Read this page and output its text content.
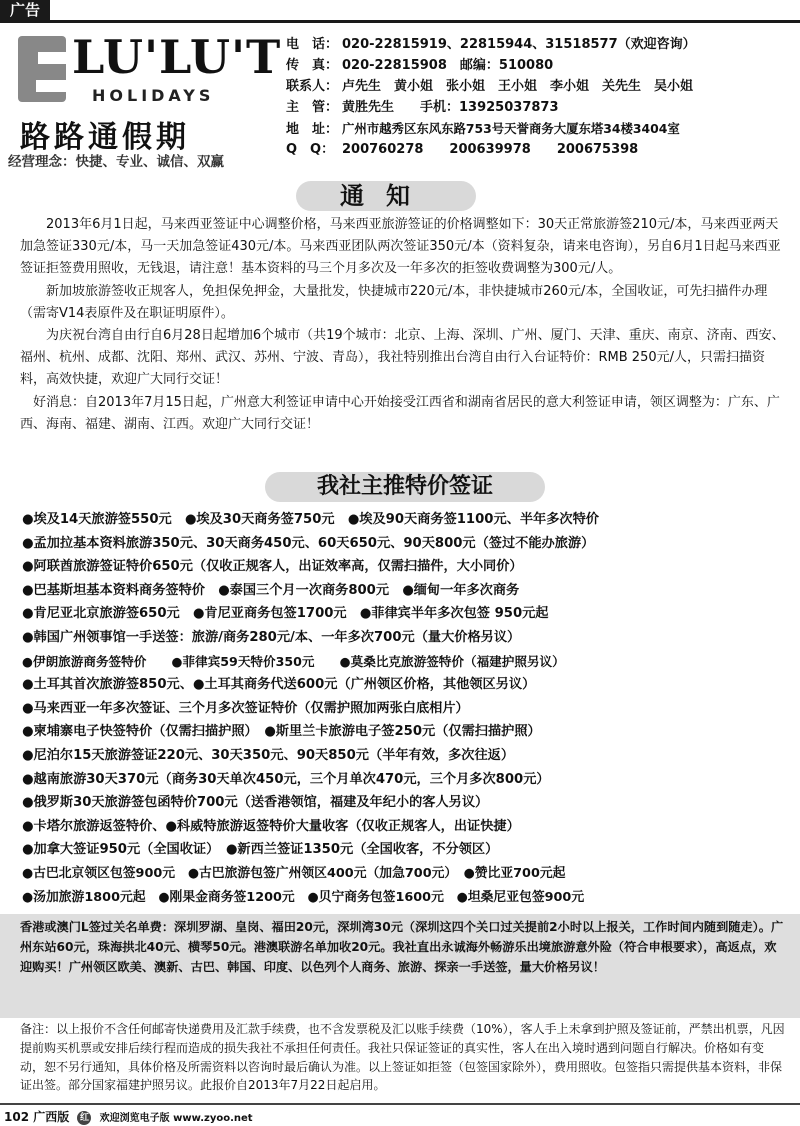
广告
LU'LU'T
HOLIDAYS
路路通假期
经营理念：快捷、专业、诚信、双赢
电　话： 020-22815919、22815944、31518577（欢迎咨询）
传　真： 020-22815908　邮编：510080
联系人： 卢先生　黄小姐　张小姐　王小姐　李小姐　关先生　吴小姐
主　管： 黄胜先生　　手机：13925037873
地　址： 广州市越秀区东风东路753号天誉商务大厦东塔34楼3404室
Q　Q： 200760278　　200639978　　200675398
通知

　　2013年6月1日起，马来西亚签证中心调整价格，马来西亚旅游签证的价格调整如下：30天正常旅游签210元/本，马来西亚两天加急签证330元/本，马一天加急签证430元/本。马来西亚团队两次签证350元/本（资料复杂，请来电咨询），另自6月1日起马来西亚签证拒签费用照收，无钱退，请注意！基本资料的马三个月多次及一年多次的拒签收费调整为300元/人。

　　新加坡旅游签收正规客人，免担保免押金，大量批发，快捷城市220元/本，非快捷城市260元/本，全国收证，可先扫描件办理（需寄V14表原件及在职证明原件）。

　　为庆祝台湾自由行自6月28日起增加6个城市（共19个城市：北京、上海、深圳、广州、厦门、天津、重庆、南京、济南、西安、福州、杭州、成都、沈阳、郑州、武汉、苏州、宁波、青岛），我社特别推出台湾自由行入台证特价：RMB 250元/人，只需扫描资料，高效快捷，欢迎广大同行交证！

　好消息：自2013年7月15日起，广州意大利签证申请中心开始接受江西省和湖南省居民的意大利签证申请，领区调整为：广东、广西、海南、福建、湖南、江西。欢迎广大同行交证！

我社主推特价签证
●埃及14天旅游签550元　●埃及30天商务签750元　●埃及90天商务签1100元、半年多次特价
●孟加拉基本资料旅游350元、30天商务450元、60天650元、90天800元（签过不能办旅游）
●阿联酋旅游签证特价650元（仅收正规客人，出证效率高，仅需扫描件，大小同价）
●巴基斯坦基本资料商务签特价　●泰国三个月一次商务800元　●缅甸一年多次商务
●肯尼亚北京旅游签650元　●肯尼亚商务包签1700元　●菲律宾半年多次包签 950元起
●韩国广州领事馆一手送签：旅游/商务280元/本、一年多次700元（量大价格另议）
●伊朗旅游商务签特价　　●菲律宾59天特价350元　　●莫桑比克旅游签特价（福建护照另议）
●土耳其首次旅游签850元、●土耳其商务代送600元（广州领区价格，其他领区另议）
●马来西亚一年多次签证、三个月多次签证特价（仅需护照加两张白底相片）
●柬埔寨电子快签特价（仅需扫描护照）　●斯里兰卡旅游电子签250元（仅需扫描护照）
●尼泊尔15天旅游签证220元、30天350元、90天850元（半年有效，多次往返）
●越南旅游30天370元（商务30天单次450元，三个月单次470元，三个月多次800元）
●俄罗斯30天旅游签包函特价700元（送香港领馆，福建及年纪小的客人另议）
●卡塔尔旅游返签特价、●科威特旅游返签特价大量收客（仅收正规客人，出证快捷）
●加拿大签证950元（全国收证）　●新西兰签证1350元（全国收客，不分领区）
●古巴北京领区包签900元　●古巴旅游包签广州领区400元（加急700元）　●赞比亚700元起
●汤加旅游1800元起　●刚果金商务签1200元　●贝宁商务包签1600元　●坦桑尼亚包签900元
香港或澳门L签过关名单费：深圳罗湖、皇岗、福田20元，深圳湾30元（深圳这四个关口过关提前2小时以上报关，工作时间内随到随走）。广州东站60元，珠海拱北40元、横琴50元。港澳联游名单加收20元。我社直出永诚海外畅游乐出境旅游意外险（符合申根要求），高返点，欢迎购买！广州领区欧美、澳新、古巴、韩国、印度、以色列个人商务、旅游、探亲一手送签，量大价格另议！
备注：以上报价不含任何邮寄快递费用及汇款手续费，也不含发票税及汇以账手续费（10%），客人手上未拿到护照及签证前，严禁出机票，凡因提前购买机票或安排后续行程而造成的损失我社不承担任何责任。我社只保证签证的真实性，客人在出入境时遇到问题自行解决。价格如有变动，恕不另行通知，具体价格及所需资料以咨询时最后确认为准。以上签证如拒签（包签国家除外），费用照收。包签指只需提供基本资料，非保证出签。部分国家福建护照另议。此报价自2013年7月22日起启用。
102 广西版 红 欢迎浏览电子版 www.zyoo.net
